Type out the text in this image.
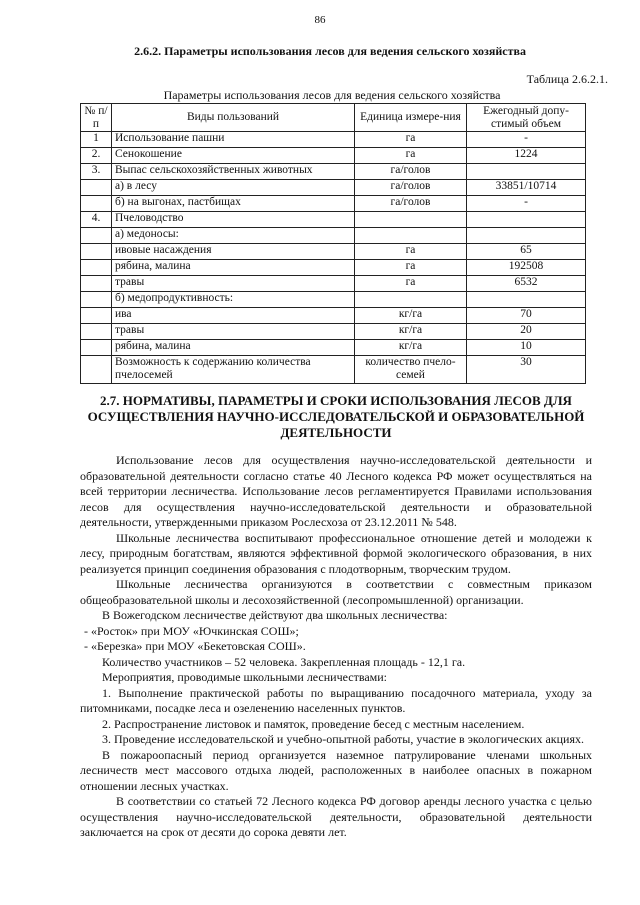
86
2.6.2. Параметры использования лесов для ведения сельского хозяйства
Таблица 2.6.2.1.
Параметры использования лесов для ведения сельского хозяйства
№ п/п	Виды пользований	Единица измере-ния	Ежегодный допу-стимый объем
1	Использование пашни	га	-
2.	Сенокошение	га	1224
3.	Выпас сельскохозяйственных животных	га/голов	
	а) в лесу	га/голов	33851/10714
	б) на выгонах, пастбищах	га/голов	-
4.	Пчеловодство		
	а) медоносы:		
	ивовые насаждения	га	65
	рябина, малина	га	192508
	травы	га	6532
	б) медопродуктивность:		
	ива	кг/га	70
	травы	кг/га	20
	рябина, малина	кг/га	10
	Возможность к содержанию количества пчелосемей	количество пчело-семей	30
2.7. НОРМАТИВЫ, ПАРАМЕТРЫ И СРОКИ ИСПОЛЬЗОВАНИЯ ЛЕСОВ ДЛЯ ОСУЩЕСТВЛЕНИЯ НАУЧНО-ИССЛЕДОВАТЕЛЬСКОЙ И ОБРАЗОВАТЕЛЬНОЙ ДЕЯТЕЛЬНОСТИ

Использование лесов для осуществления научно-исследовательской деятельности и образовательной деятельности согласно статье 40 Лесного кодекса РФ может осуществляться на всей территории лесничества. Использование лесов регламентируется Правилами использования лесов для осуществления научно-исследовательской деятельности и образовательной деятельности, утвержденными приказом Рослесхоза от 23.12.2011 № 548.

Школьные лесничества воспитывают профессиональное отношение детей и молодежи к лесу, природным богатствам, являются эффективной формой экологического образования, в них реализуется принцип соединения образования с плодотворным, творческим трудом.

Школьные лесничества организуются в соответствии с совместным приказом общеобразовательной школы и лесохозяйственной (лесопромышленной) организации.

В Вожегодском лесничестве действуют два школьных лесничества:

- «Росток» при МОУ «Ючкинская СОШ»;

- «Березка» при МОУ «Бекетовская СОШ».

Количество участников – 52 человека. Закрепленная площадь - 12,1 га.

Мероприятия, проводимые школьными лесничествами:

1. Выполнение практической работы по выращиванию посадочного материала, уходу за питомниками, посадке леса и озеленению населенных пунктов.

2. Распространение листовок и памяток, проведение бесед с местным населением.

3. Проведение исследовательской и учебно-опытной работы, участие в экологических акциях.

В пожароопасный период организуется наземное патрулирование членами школьных лесничеств мест массового отдыха людей, расположенных в наиболее опасных в пожарном отношении лесных участках.

В соответствии со статьей 72 Лесного кодекса РФ договор аренды лесного участка с целью осуществления научно-исследовательской деятельности, образовательной деятельности заключается на срок от десяти до сорока девяти лет.
